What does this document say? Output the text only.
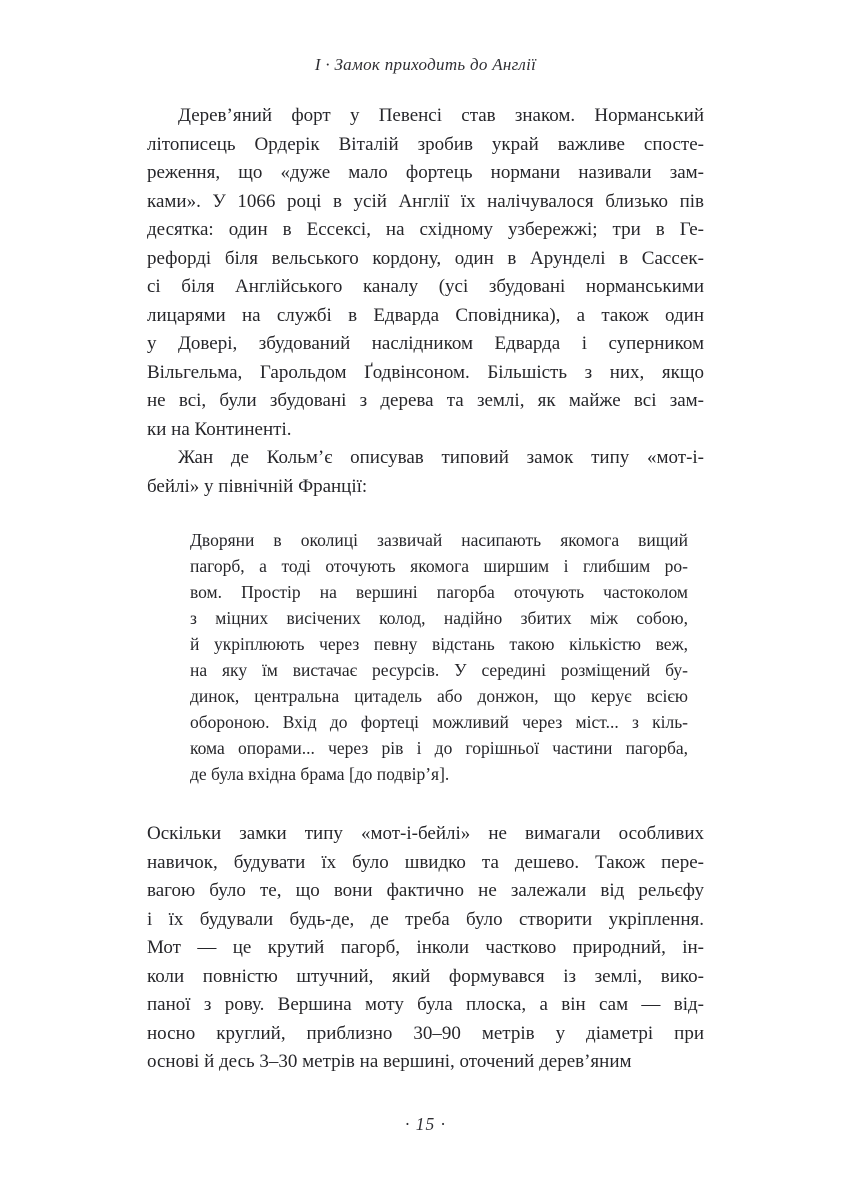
І · Замок приходить до Англії
Дерев’яний форт у Певенсі став знаком. Норманський
літописець Ордерік Віталій зробив украй важливе спосте-
реження, що «дуже мало фортець нормани називали зам-
ками». У 1066 році в усій Англії їх налічувалося близько пів
десятка: один в Ессексі, на східному узбережжі; три в Ге-
рефорді біля вельського кордону, один в Арунделі в Сассек-
сі біля Англійського каналу (усі збудовані норманськими
лицарями на службі в Едварда Сповідника), а також один
у Довері, збудований наслідником Едварда і суперником
Вільгельма, Гарольдом Ґодвінсоном. Більшість з них, якщо
не всі, були збудовані з дерева та землі, як майже всі зам-
ки на Континенті.
Жан де Кольм’є описував типовий замок типу «мот-і-
бейлі» у північній Франції:
Дворяни в околиці зазвичай насипають якомога вищий
пагорб, а тоді оточують якомога ширшим і глибшим ро-
вом. Простір на вершині пагорба оточують частоколом
з міцних висічених колод, надійно збитих між собою,
й укріплюють через певну відстань такою кількістю веж,
на яку їм вистачає ресурсів. У середині розміщений бу-
динок, центральна цитадель або донжон, що керує всією
обороною. Вхід до фортеці можливий через міст... з кіль-
кома опорами... через рів і до горішньої частини пагорба,
де була вхідна брама [до подвір’я].
Оскільки замки типу «мот-і-бейлі» не вимагали особливих
навичок, будувати їх було швидко та дешево. Також пере-
вагою було те, що вони фактично не залежали від рельєфу
і їх будували будь-де, де треба було створити укріплення.
Мот — це крутий пагорб, інколи частково природний, ін-
коли повністю штучний, який формувався із землі, вико-
паної з рову. Вершина моту була плоска, а він сам — від-
носно круглий, приблизно 30–90 метрів у діаметрі при
основі й десь 3–30 метрів на вершині, оточений дерев’яним
· 15 ·
